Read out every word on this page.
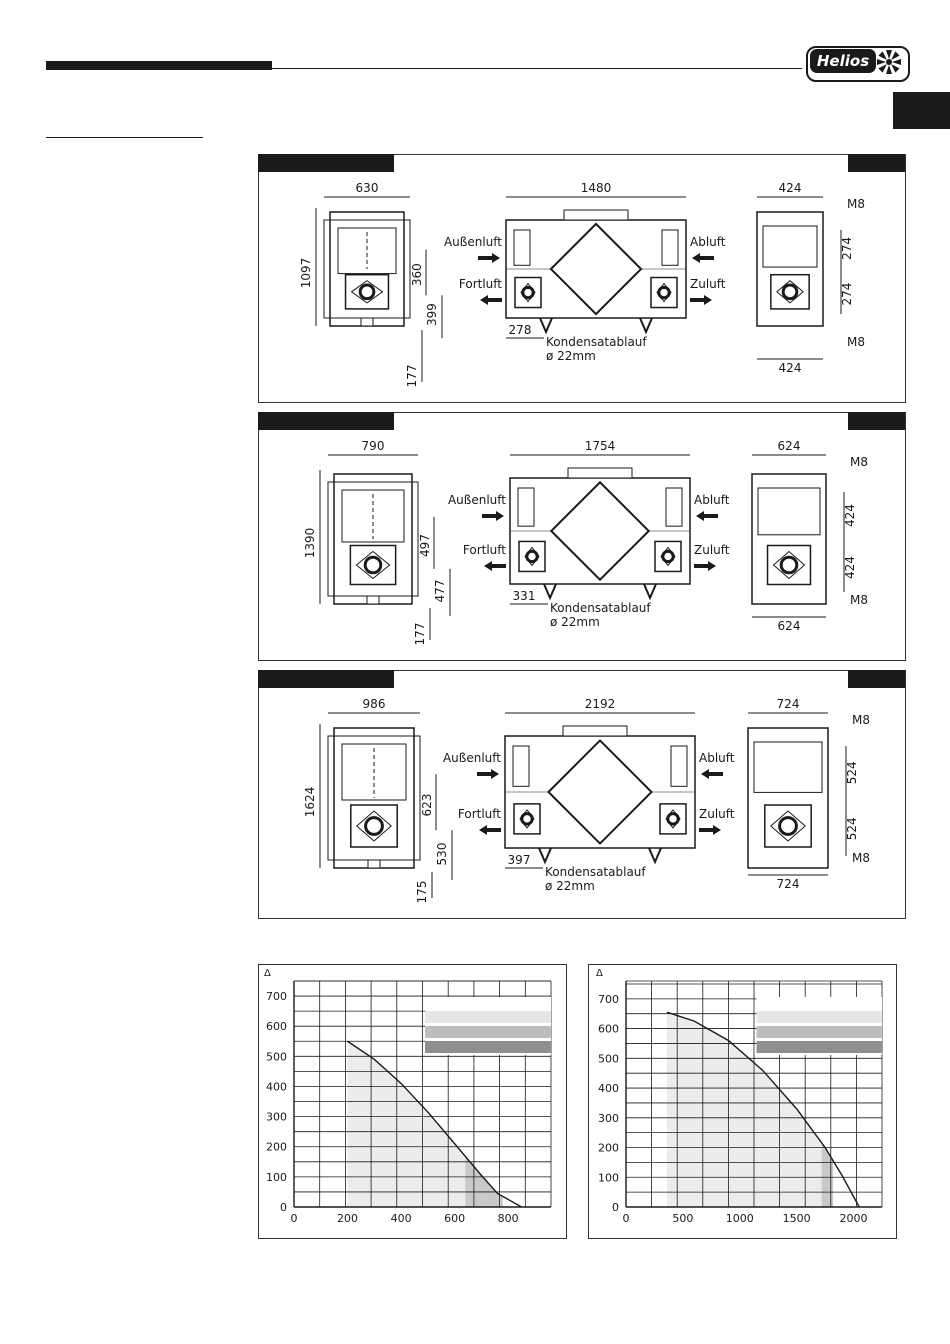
Helios
630
1097	360
399
177
1480
278
Kondensatablauf
ø 22mm
Außenluft
Fortluft
Abluft
Zuluft
424
424
274
274
M8
M8
790
1390	497
477
177
1754
331
Kondensatablauf
ø 22mm
Außenluft
Fortluft
Abluft
Zuluft
624
624
424
424
M8
M8
986
1624	623
530
175
2192
397
Kondensatablauf
ø 22mm
Außenluft
Fortluft
Abluft
Zuluft
724
724
524
524
M8
M8
0
100
200
300
400
500
600
700
0	200	400	600	800
Δ
0
100
200
300
400
500
600
700
0	500	1000	1500	2000
Δ
